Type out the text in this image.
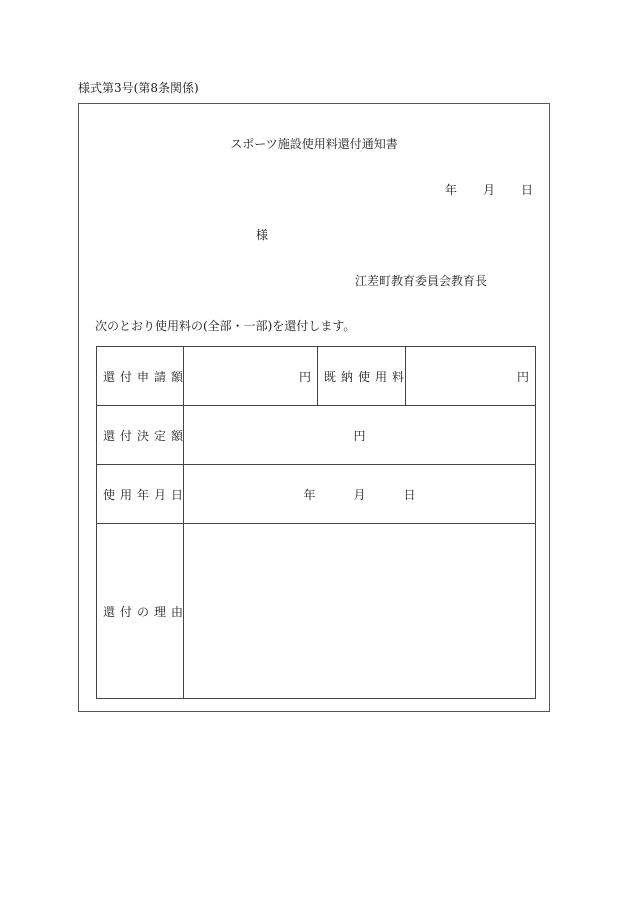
様式第3号(第8条関係)
スポーツ施設使用料還付通知書
年 月 日
様
江差町教育委員会教育長
次のとおり使用料の(全部・一部)を還付します。
還付申請額	円	既納使用料	円
還付決定額	円		
使用年月日	年 月 日		
還付の理由			
